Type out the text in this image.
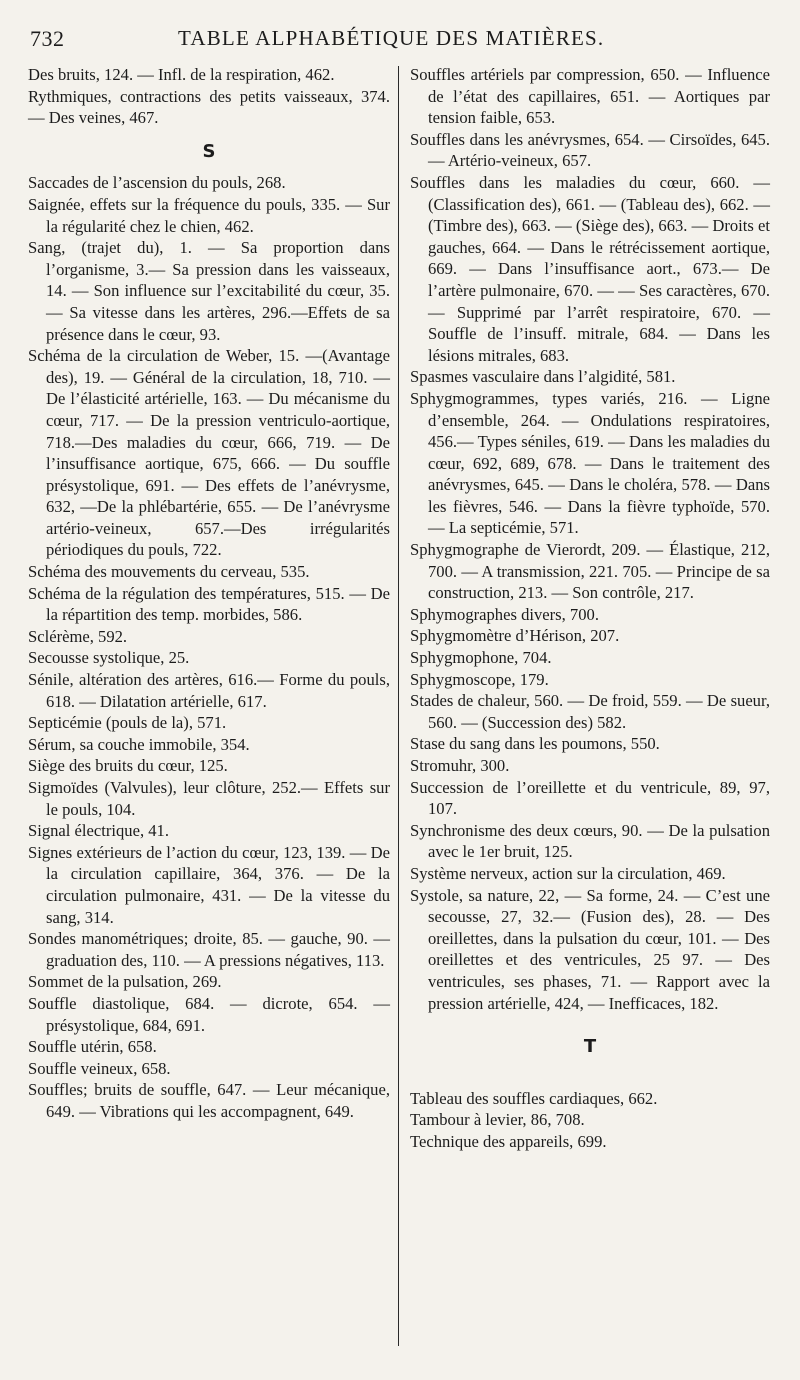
732	TABLE ALPHABÉTIQUE DES MATIÈRES.
Des bruits, 124. — Infl. de la respiration, 462.
Rythmiques, contractions des petits vaisseaux, 374. — Des veines, 467.
S
Saccades de l’ascension du pouls, 268.
Saignée, effets sur la fréquence du pouls, 335. — Sur la régularité chez le chien, 462.
Sang, (trajet du), 1. — Sa proportion dans l’organisme, 3.— Sa pression dans les vaisseaux, 14. — Son influence sur l’excitabilité du cœur, 35. — Sa vitesse dans les artères, 296.—Effets de sa présence dans le cœur, 93.
Schéma de la circulation de Weber, 15. —(Avantage des), 19. — Général de la circulation, 18, 710. — De l’élasticité artérielle, 163. — Du mécanisme du cœur, 717. — De la pression ventriculo-aortique, 718.—Des maladies du cœur, 666, 719. — De l’insuffisance aortique, 675, 666. — Du souffle présystolique, 691. — Des effets de l’anévrysme, 632, —De la phlébartérie, 655. — De l’anévrysme artério-veineux, 657.—Des irrégularités périodiques du pouls, 722.
Schéma des mouvements du cerveau, 535.
Schéma de la régulation des températures, 515. — De la répartition des temp. morbides, 586.
Sclérème, 592.
Secousse systolique, 25.
Sénile, altération des artères, 616.— Forme du pouls, 618. — Dilatation artérielle, 617.
Septicémie (pouls de la), 571.
Sérum, sa couche immobile, 354.
Siège des bruits du cœur, 125.
Sigmoïdes (Valvules), leur clôture, 252.— Effets sur le pouls, 104.
Signal électrique, 41.
Signes extérieurs de l’action du cœur, 123, 139. — De la circulation capillaire, 364, 376. — De la circulation pulmonaire, 431. — De la vitesse du sang, 314.
Sondes manométriques; droite, 85. — gauche, 90. — graduation des, 110. — A pressions négatives, 113.
Sommet de la pulsation, 269.
Souffle diastolique, 684. — dicrote, 654. — présystolique, 684, 691.
Souffle utérin, 658.
Souffle veineux, 658.
Souffles; bruits de souffle, 647. — Leur mécanique, 649. — Vibrations qui les accompagnent, 649.
Souffles artériels par compression, 650. — Influence de l’état des capillaires, 651. — Aortiques par tension faible, 653.
Souffles dans les anévrysmes, 654. — Cirsoïdes, 645. — Artério-veineux, 657.
Souffles dans les maladies du cœur, 660. —(Classification des), 661. — (Tableau des), 662. — (Timbre des), 663. — (Siège des), 663. — Droits et gauches, 664. — Dans le rétrécissement aortique, 669. — Dans l’insuffisance aort., 673.— De l’artère pulmonaire, 670. — — Ses caractères, 670.— Supprimé par l’arrêt respiratoire, 670. — Souffle de l’insuff. mitrale, 684. — Dans les lésions mitrales, 683.
Spasmes vasculaire dans l’algidité, 581.
Sphygmogrammes, types variés, 216. — Ligne d’ensemble, 264. — Ondulations respiratoires, 456.— Types séniles, 619. — Dans les maladies du cœur, 692, 689, 678. — Dans le traitement des anévrysmes, 645. — Dans le choléra, 578. — Dans les fièvres, 546. — Dans la fièvre typhoïde, 570. — La septicémie, 571.
Sphygmographe de Vierordt, 209. — Élastique, 212, 700. — A transmission, 221. 705. — Principe de sa construction, 213. — Son contrôle, 217.
Sphymographes divers, 700.
Sphygmomètre d’Hérison, 207.
Sphygmophone, 704.
Sphygmoscope, 179.
Stades de chaleur, 560. — De froid, 559. — De sueur, 560. — (Succession des) 582.
Stase du sang dans les poumons, 550.
Stromuhr, 300.
Succession de l’oreillette et du ventricule, 89, 97, 107.
Synchronisme des deux cœurs, 90. — De la pulsation avec le 1er bruit, 125.
Système nerveux, action sur la circulation, 469.
Systole, sa nature, 22, — Sa forme, 24. — C’est une secousse, 27, 32.— (Fusion des), 28. — Des oreillettes, dans la pulsation du cœur, 101. — Des oreillettes et des ventricules, 25 97. — Des ventricules, ses phases, 71. — Rapport avec la pression artérielle, 424, — Inefficaces, 182.
T
Tableau des souffles cardiaques, 662.
Tambour à levier, 86, 708.
Technique des appareils, 699.
